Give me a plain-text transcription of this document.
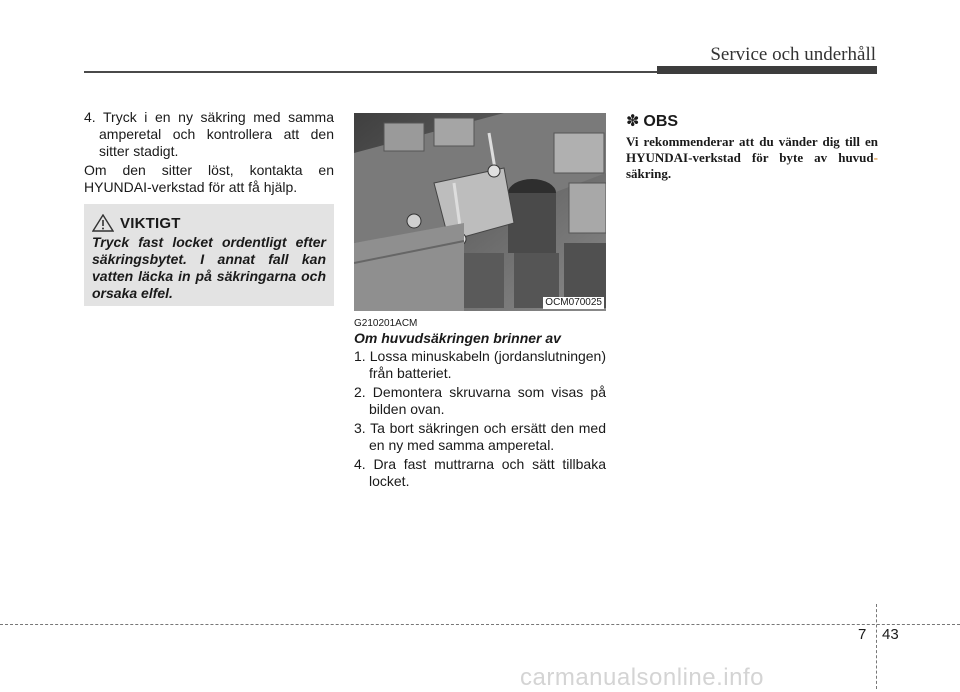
Service och underhåll
4. Tryck i en ny säkring med samma amperetal och kontrollera att den sitter stadigt.
Om den sitter löst, kontakta en HYUNDAI-verkstad för att få hjälp.
VIKTIGT
Tryck fast locket ordentligt efter säkringsbytet. I annat fall kan vatten läcka in på säkringarna och orsaka elfel.
OCM070025
G210201ACM
Om huvudsäkringen brinner av
1. Lossa minuskabeln (jordanslutningen) från batteriet.
2. Demontera skruvarna som visas på bilden ovan.
3. Ta bort säkringen och ersätt den med en ny med samma amperetal.
4. Dra fast muttrarna och sätt tillbaka locket.
✽ OBS
Vi rekommenderar att du vänder dig till en HYUNDAI-verkstad för byte av huvud-säkring.
7 43
carmanualsonline.info
